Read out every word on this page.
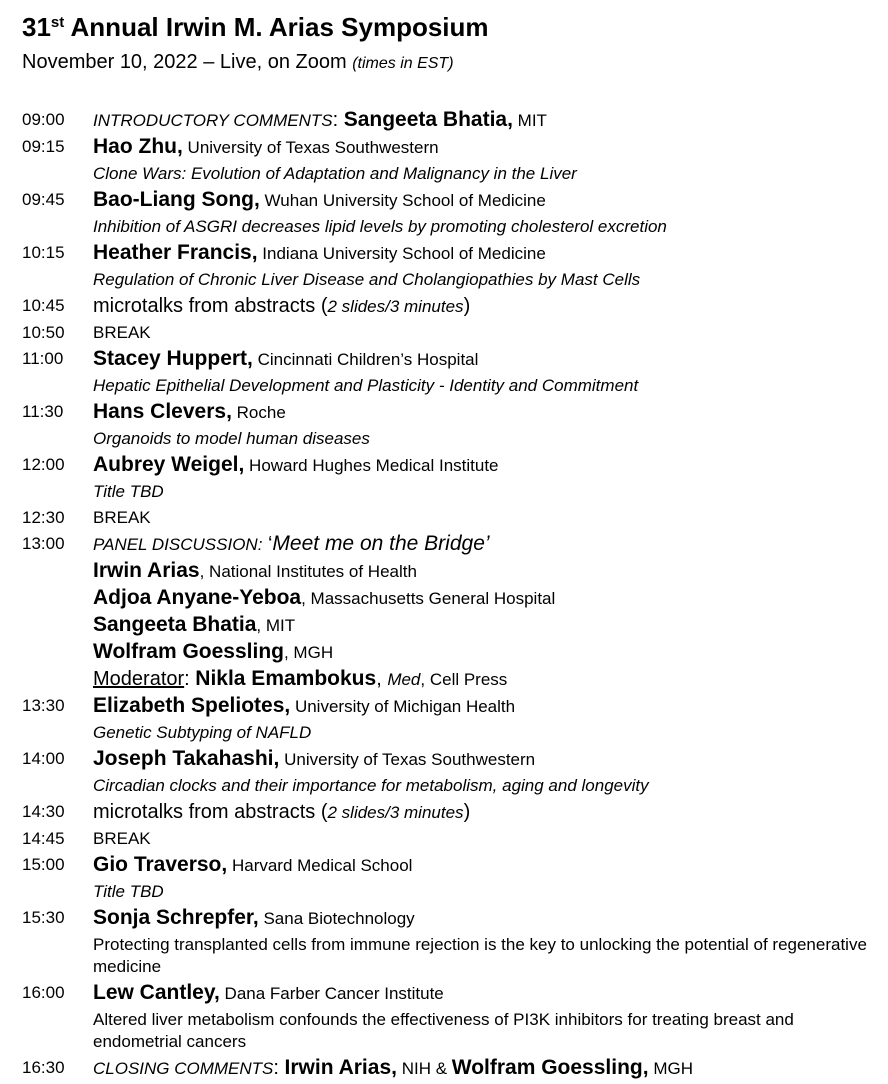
31st Annual Irwin M. Arias Symposium
November 10, 2022 – Live, on Zoom (times in EST)
09:00	INTRODUCTORY COMMENTS: Sangeeta Bhatia, MIT
09:15	Hao Zhu, University of Texas Southwestern
Clone Wars: Evolution of Adaptation and Malignancy in the Liver
09:45	Bao-Liang Song, Wuhan University School of Medicine
Inhibition of ASGRI decreases lipid levels by promoting cholesterol excretion
10:15	Heather Francis, Indiana University School of Medicine
Regulation of Chronic Liver Disease and Cholangiopathies by Mast Cells
10:45	microtalks from abstracts (2 slides/3 minutes)
10:50	BREAK
11:00	Stacey Huppert, Cincinnati Children’s Hospital
Hepatic Epithelial Development and Plasticity - Identity and Commitment
11:30	Hans Clevers, Roche
Organoids to model human diseases
12:00	Aubrey Weigel, Howard Hughes Medical Institute
Title TBD
12:30	BREAK
13:00	PANEL DISCUSSION: ‘Meet me on the Bridge’
Irwin Arias, National Institutes of Health
Adjoa Anyane-Yeboa, Massachusetts General Hospital
Sangeeta Bhatia, MIT
Wolfram Goessling, MGH
Moderator: Nikla Emambokus, Med, Cell Press
13:30	Elizabeth Speliotes, University of Michigan Health
Genetic Subtyping of NAFLD
14:00	Joseph Takahashi, University of Texas Southwestern
Circadian clocks and their importance for metabolism, aging and longevity
14:30	microtalks from abstracts (2 slides/3 minutes)
14:45	BREAK
15:00	Gio Traverso, Harvard Medical School
Title TBD
15:30	Sonja Schrepfer, Sana Biotechnology
Protecting transplanted cells from immune rejection is the key to unlocking the potential of regenerative medicine
16:00	Lew Cantley, Dana Farber Cancer Institute
Altered liver metabolism confounds the effectiveness of PI3K inhibitors for treating breast and endometrial cancers
16:30	CLOSING COMMENTS: Irwin Arias, NIH & Wolfram Goessling, MGH
